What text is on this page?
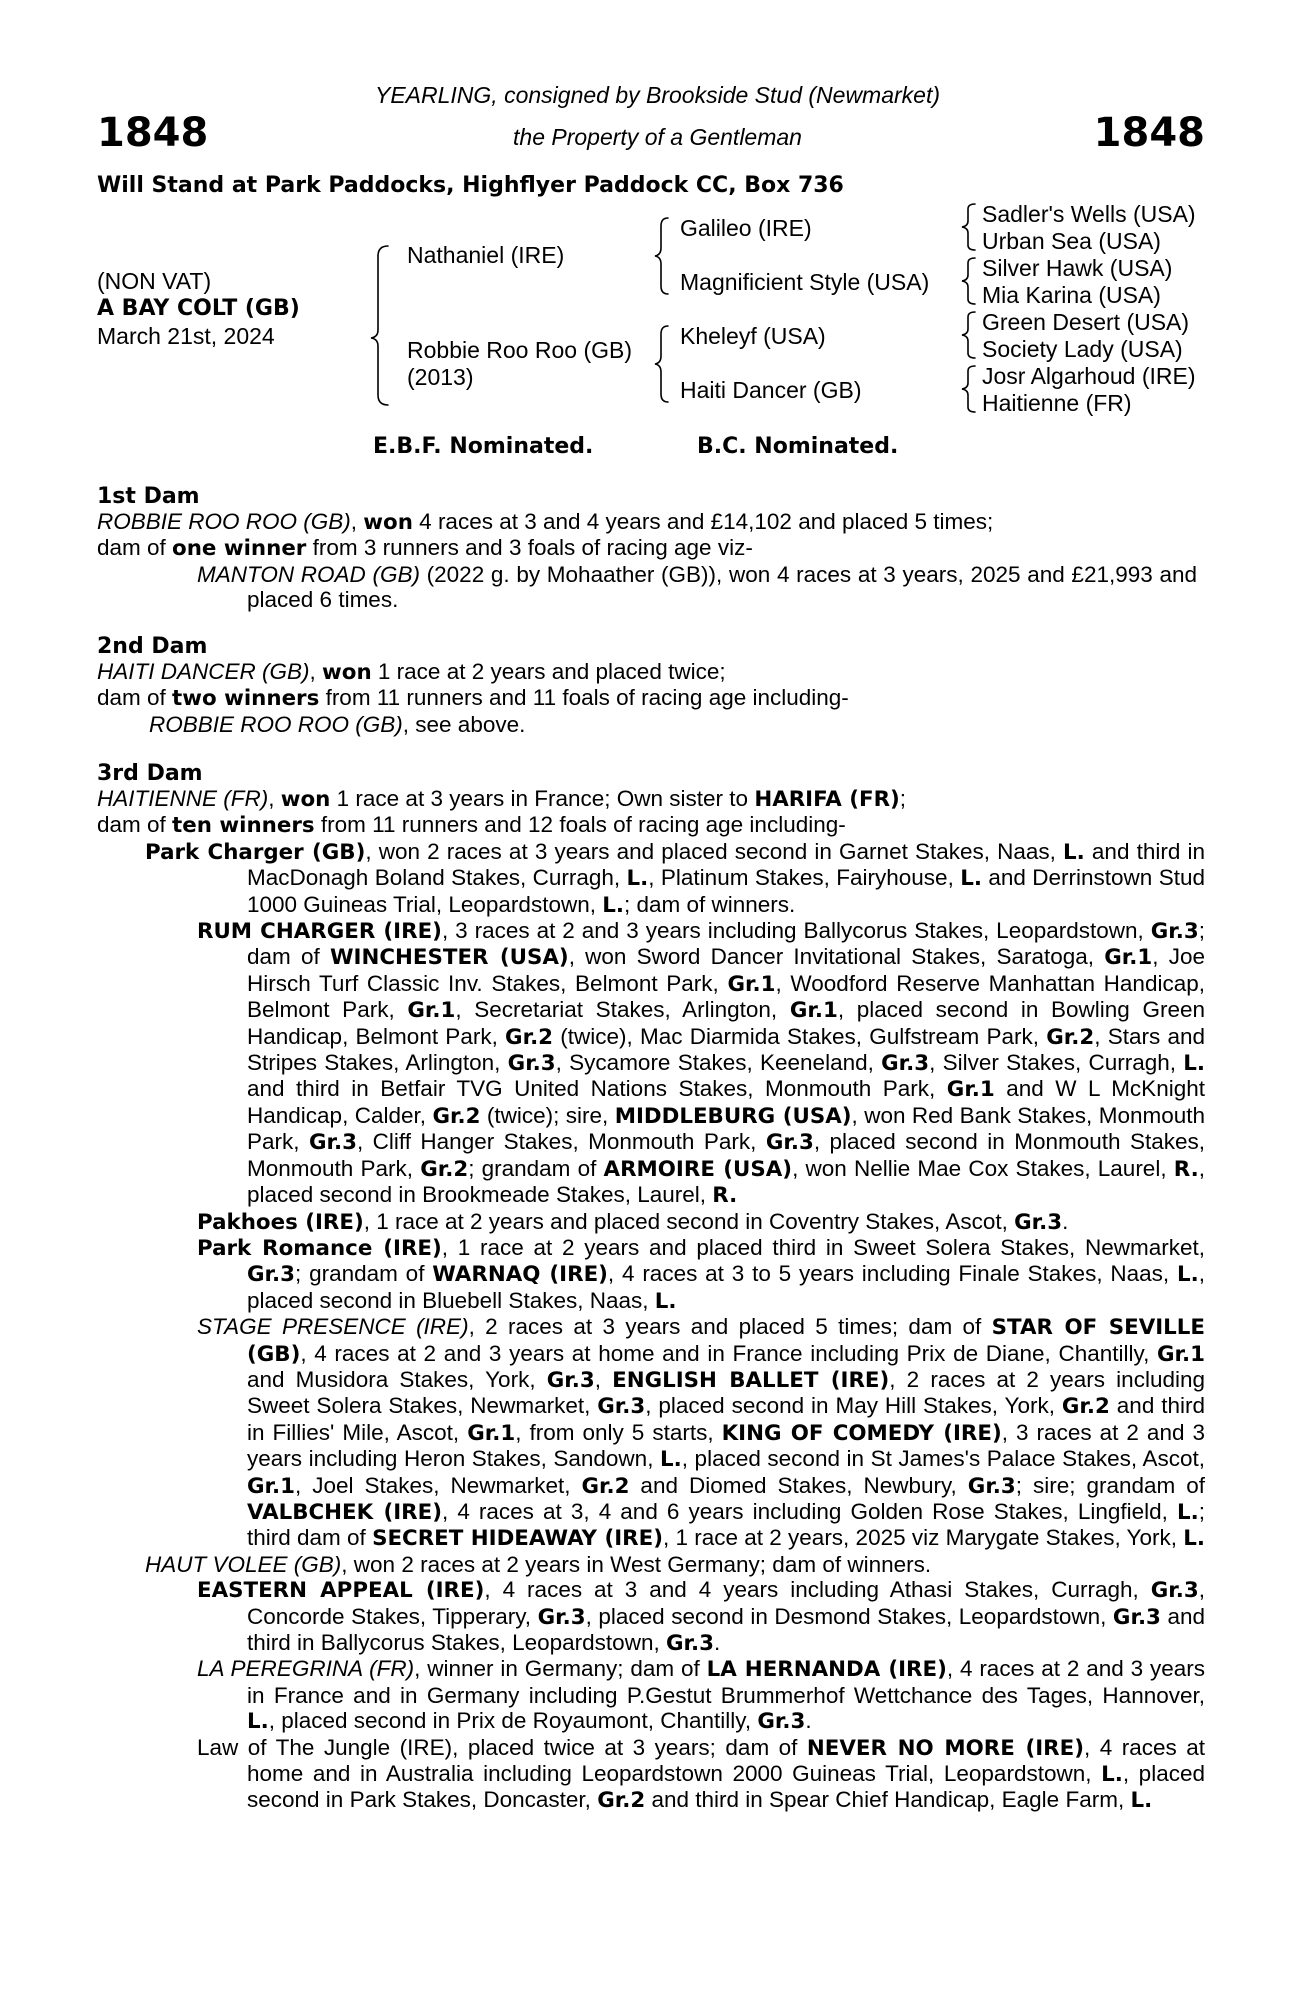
1848	1848
YEARLING, consigned by Brookside Stud (Newmarket)
the Property of a Gentleman
Will Stand at Park Paddocks, Highflyer Paddock CC, Box 736
(NON VAT)
A BAY COLT (GB)
March 21st, 2024
Nathaniel (IRE)
Robbie Roo Roo (GB)
(2013)
Galileo (IRE)
Magnificient Style (USA)
Kheleyf (USA)
Haiti Dancer (GB)
Sadler's Wells (USA)
Urban Sea (USA)
Silver Hawk (USA)
Mia Karina (USA)
Green Desert (USA)
Society Lady (USA)
Josr Algarhoud (IRE)
Haitienne (FR)
E.B.F. Nominated.	B.C. Nominated.
1st Dam

ROBBIE ROO ROO (GB), won 4 races at 3 and 4 years and £14,102 and placed 5 times;

dam of one winner from 3 runners and 3 foals of racing age viz-

MANTON ROAD (GB) (2022 g. by Mohaather (GB)), won 4 races at 3 years, 2025 and £21,993 and placed 6 times.

2nd Dam

HAITI DANCER (GB), won 1 race at 2 years and placed twice;

dam of two winners from 11 runners and 11 foals of racing age including-

ROBBIE ROO ROO (GB), see above.

3rd Dam

HAITIENNE (FR), won 1 race at 3 years in France; Own sister to HARIFA (FR);

dam of ten winners from 11 runners and 12 foals of racing age including-

Park Charger (GB), won 2 races at 3 years and placed second in Garnet Stakes, Naas, L. and third in MacDonagh Boland Stakes, Curragh, L., Platinum Stakes, Fairyhouse, L. and Derrinstown Stud 1000 Guineas Trial, Leopardstown, L.; dam of winners.

RUM CHARGER (IRE), 3 races at 2 and 3 years including Ballycorus Stakes, Leopardstown, Gr.3; dam of WINCHESTER (USA), won Sword Dancer Invitational Stakes, Saratoga, Gr.1, Joe Hirsch Turf Classic Inv. Stakes, Belmont Park, Gr.1, Woodford Reserve Manhattan Handicap, Belmont Park, Gr.1, Secretariat Stakes, Arlington, Gr.1, placed second in Bowling Green Handicap, Belmont Park, Gr.2 (twice), Mac Diarmida Stakes, Gulfstream Park, Gr.2, Stars and Stripes Stakes, Arlington, Gr.3, Sycamore Stakes, Keeneland, Gr.3, Silver Stakes, Curragh, L. and third in Betfair TVG United Nations Stakes, Monmouth Park, Gr.1 and W L McKnight Handicap, Calder, Gr.2 (twice); sire, MIDDLEBURG (USA), won Red Bank Stakes, Monmouth Park, Gr.3, Cliff Hanger Stakes, Monmouth Park, Gr.3, placed second in Monmouth Stakes, Monmouth Park, Gr.2; grandam of ARMOIRE (USA), won Nellie Mae Cox Stakes, Laurel, R., placed second in Brookmeade Stakes, Laurel, R.

Pakhoes (IRE), 1 race at 2 years and placed second in Coventry Stakes, Ascot, Gr.3.

Park Romance (IRE), 1 race at 2 years and placed third in Sweet Solera Stakes, Newmarket, Gr.3; grandam of WARNAQ (IRE), 4 races at 3 to 5 years including Finale Stakes, Naas, L., placed second in Bluebell Stakes, Naas, L.

STAGE PRESENCE (IRE), 2 races at 3 years and placed 5 times; dam of STAR OF SEVILLE (GB), 4 races at 2 and 3 years at home and in France including Prix de Diane, Chantilly, Gr.1 and Musidora Stakes, York, Gr.3, ENGLISH BALLET (IRE), 2 races at 2 years including Sweet Solera Stakes, Newmarket, Gr.3, placed second in May Hill Stakes, York, Gr.2 and third in Fillies' Mile, Ascot, Gr.1, from only 5 starts, KING OF COMEDY (IRE), 3 races at 2 and 3 years including Heron Stakes, Sandown, L., placed second in St James's Palace Stakes, Ascot, Gr.1, Joel Stakes, Newmarket, Gr.2 and Diomed Stakes, Newbury, Gr.3; sire; grandam of VALBCHEK (IRE), 4 races at 3, 4 and 6 years including Golden Rose Stakes, Lingfield, L.; third dam of SECRET HIDEAWAY (IRE), 1 race at 2 years, 2025 viz Marygate Stakes, York, L.

HAUT VOLEE (GB), won 2 races at 2 years in West Germany; dam of winners.

EASTERN APPEAL (IRE), 4 races at 3 and 4 years including Athasi Stakes, Curragh, Gr.3, Concorde Stakes, Tipperary, Gr.3, placed second in Desmond Stakes, Leopardstown, Gr.3 and third in Ballycorus Stakes, Leopardstown, Gr.3.

LA PEREGRINA (FR), winner in Germany; dam of LA HERNANDA (IRE), 4 races at 2 and 3 years in France and in Germany including P.Gestut Brummerhof Wettchance des Tages, Hannover, L., placed second in Prix de Royaumont, Chantilly, Gr.3.

Law of The Jungle (IRE), placed twice at 3 years; dam of NEVER NO MORE (IRE), 4 races at home and in Australia including Leopardstown 2000 Guineas Trial, Leopardstown, L., placed second in Park Stakes, Doncaster, Gr.2 and third in Spear Chief Handicap, Eagle Farm, L.
